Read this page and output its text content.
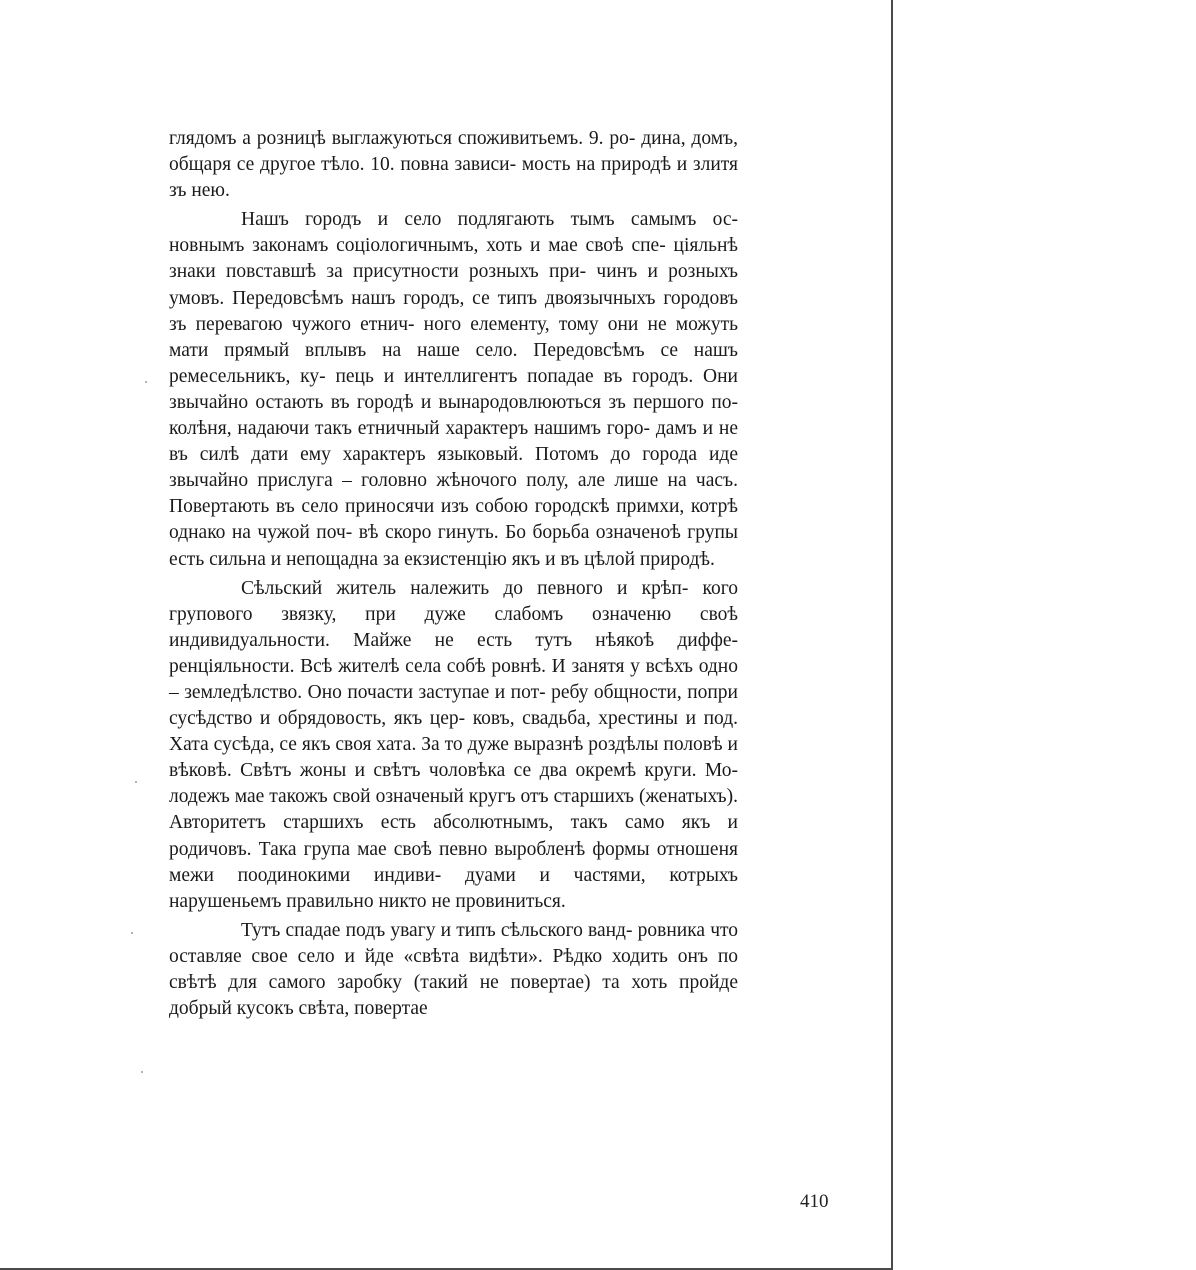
глядомъ а розницѣ выглажуються споживитьемъ. 9. ро- дина, домъ, общаря се другое тѣло. 10. повна зависи- мость на природѣ и злитя зъ нею.

Нашъ городъ и село подлягають тымъ самымъ ос- новнымъ законамъ соціологичнымъ, хоть и мае своѣ спе- ціяльнѣ знаки повставшѣ за присутности розныхъ при- чинъ и розныхъ умовъ. Передовсѣмъ нашъ городъ, се типъ двоязычныхъ городовъ зъ перевагою чужого етнич- ного елементу, тому они не можуть мати прямый вплывъ на наше село. Передовсѣмъ се нашъ ремесельникъ, ку- пець и интеллигентъ попадае въ городъ. Они звычайно остають въ городѣ и вынародовлюються зъ першого по- колѣня, надаючи такъ етничный характеръ нашимъ горо- дамъ и не въ силѣ дати ему характеръ языковый. Потомъ до города иде звычайно прислуга – головно жѣночого полу, але лише на часъ. Повертають въ село приносячи изъ собою городскѣ примхи, котрѣ однако на чужой поч- вѣ скоро гинуть. Бо борьба означеноѣ групы есть сильна и непощадна за екзистенцію якъ и въ цѣлой природѣ.

Сѣльский житель належить до певного и крѣп- кого групового звязку, при дуже слабомъ означеню своѣ индивидуальности. Майже не есть тутъ нѣякоѣ диффе- ренціяльности. Всѣ жителѣ села собѣ ровнѣ. И занятя у всѣхъ одно – земледѣлство. Оно почасти заступае и пот- ребу общности, попри сусѣдство и обрядовость, якъ цер- ковъ, свадьба, хрестины и под. Хата сусѣда, се якъ своя хата. За то дуже выразнѣ роздѣлы половѣ и вѣковѣ. Свѣтъ жоны и свѣтъ чоловѣка се два окремѣ круги. Мо- лодежъ мае такожъ свой означеный кругъ отъ старшихъ (женатыхъ). Авторитетъ старшихъ есть абсолютнымъ, такъ само якъ и родичовъ. Така група мае своѣ певно выробленѣ формы отношеня межи поодинокими индиви- дуами и частями, котрыхъ нарушеньемъ правильно никто не провиниться.

Тутъ спадае подъ увагу и типъ сѣльского ванд- ровника что оставляе свое село и йде «свѣта видѣти». Рѣдко ходить онъ по свѣтѣ для самого заробку (такий не повертае) та хоть пройде добрый кусокъ свѣта, повертае

410
